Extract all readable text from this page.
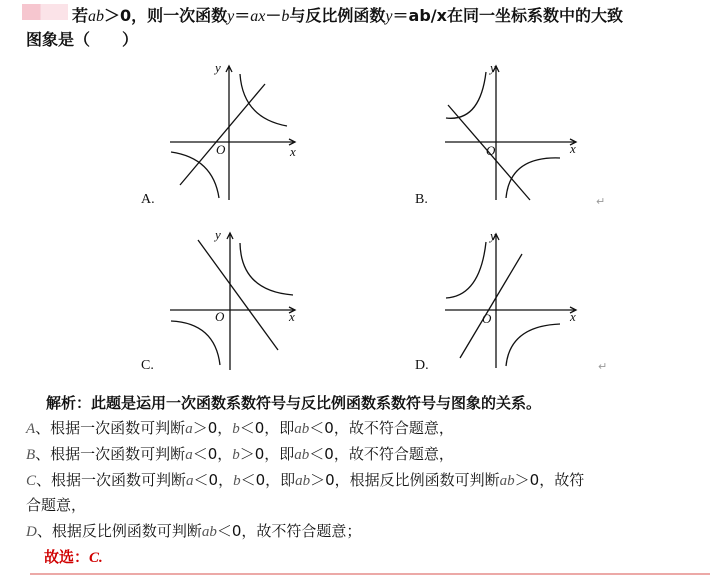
若ab＞0，则一次函数y＝ax－b与反比例函数y＝ab/x在同一坐标系数中的大致
图象是（　　）
x
y
O
A.
x
y
O
B.	↵
x
y
O
C.
x
y
O
D.	↵
解析：此题是运用一次函数系数符号与反比例函数系数符号与图象的关系。
A、根据一次函数可判断a＞0，b＜0，即ab＜0，故不符合题意，
B、根据一次函数可判断a＜0，b＞0，即ab＜0，故不符合题意，
C、根据一次函数可判断a＜0，b＜0，即ab＞0，根据反比例函数可判断ab＞0，故符
合题意，
D、根据反比例函数可判断ab＜0，故不符合题意；
故选：C.
